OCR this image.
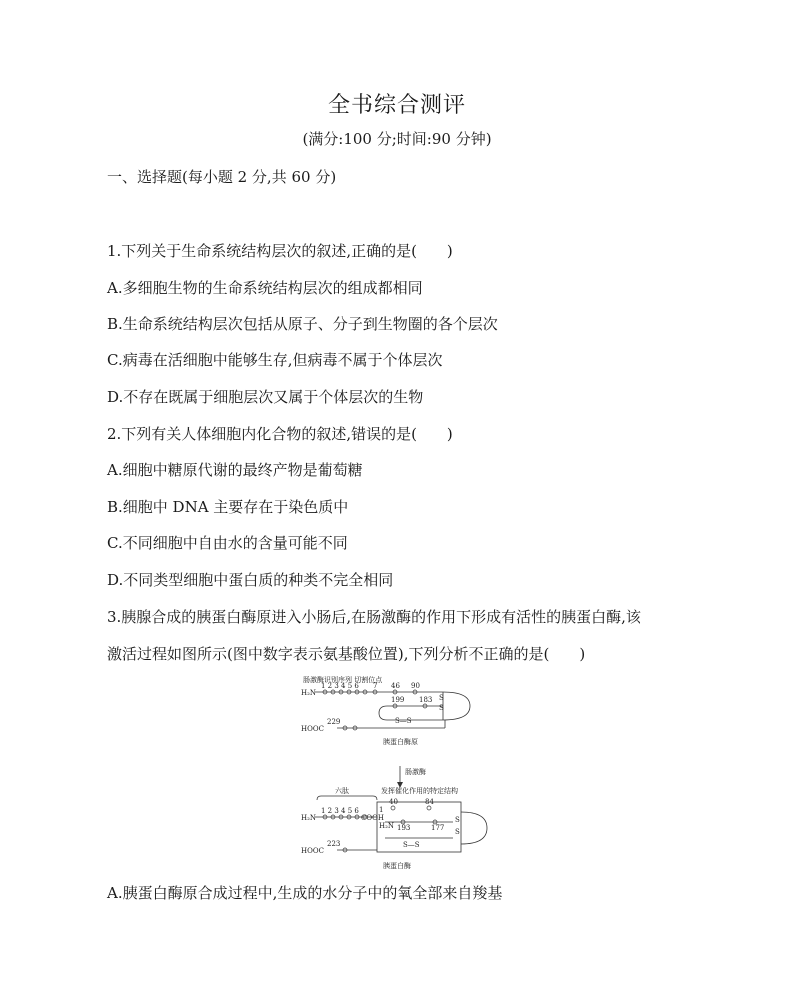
全书综合测评
(满分:100 分;时间:90 分钟)
一、选择题(每小题 2 分,共 60 分)
1.下列关于生命系统结构层次的叙述,正确的是(　　)
A.多细胞生物的生命系统结构层次的组成都相同
B.生命系统结构层次包括从原子、分子到生物圈的各个层次
C.病毒在活细胞中能够生存,但病毒不属于个体层次
D.不存在既属于细胞层次又属于个体层次的生物
2.下列有关人体细胞内化合物的叙述,错误的是(　　)
A.细胞中糖原代谢的最终产物是葡萄糖
B.细胞中 DNA 主要存在于染色质中
C.不同细胞中自由水的含量可能不同
D.不同类型细胞中蛋白质的种类不完全相同
3.胰腺合成的胰蛋白酶原进入小肠后,在肠激酶的作用下形成有活性的胰蛋白酶,该
激活过程如图所示(图中数字表示氨基酸位置),下列分析不正确的是(　　)
肠激酶识别序列 切割位点
H₂N
1 2 3 4 5 6 7 46 90
199 183 S
S
229
HOOC
S—S
胰蛋白酶原
肠激酶
六肽	发挥催化作用的特定结构
H₂N
1 2 3 4 5 6
COOH
1
40	84
H₂N 193	177
S
S
223
HOOC
S—S
胰蛋白酶
A.胰蛋白酶原合成过程中,生成的水分子中的氧全部来自羧基
